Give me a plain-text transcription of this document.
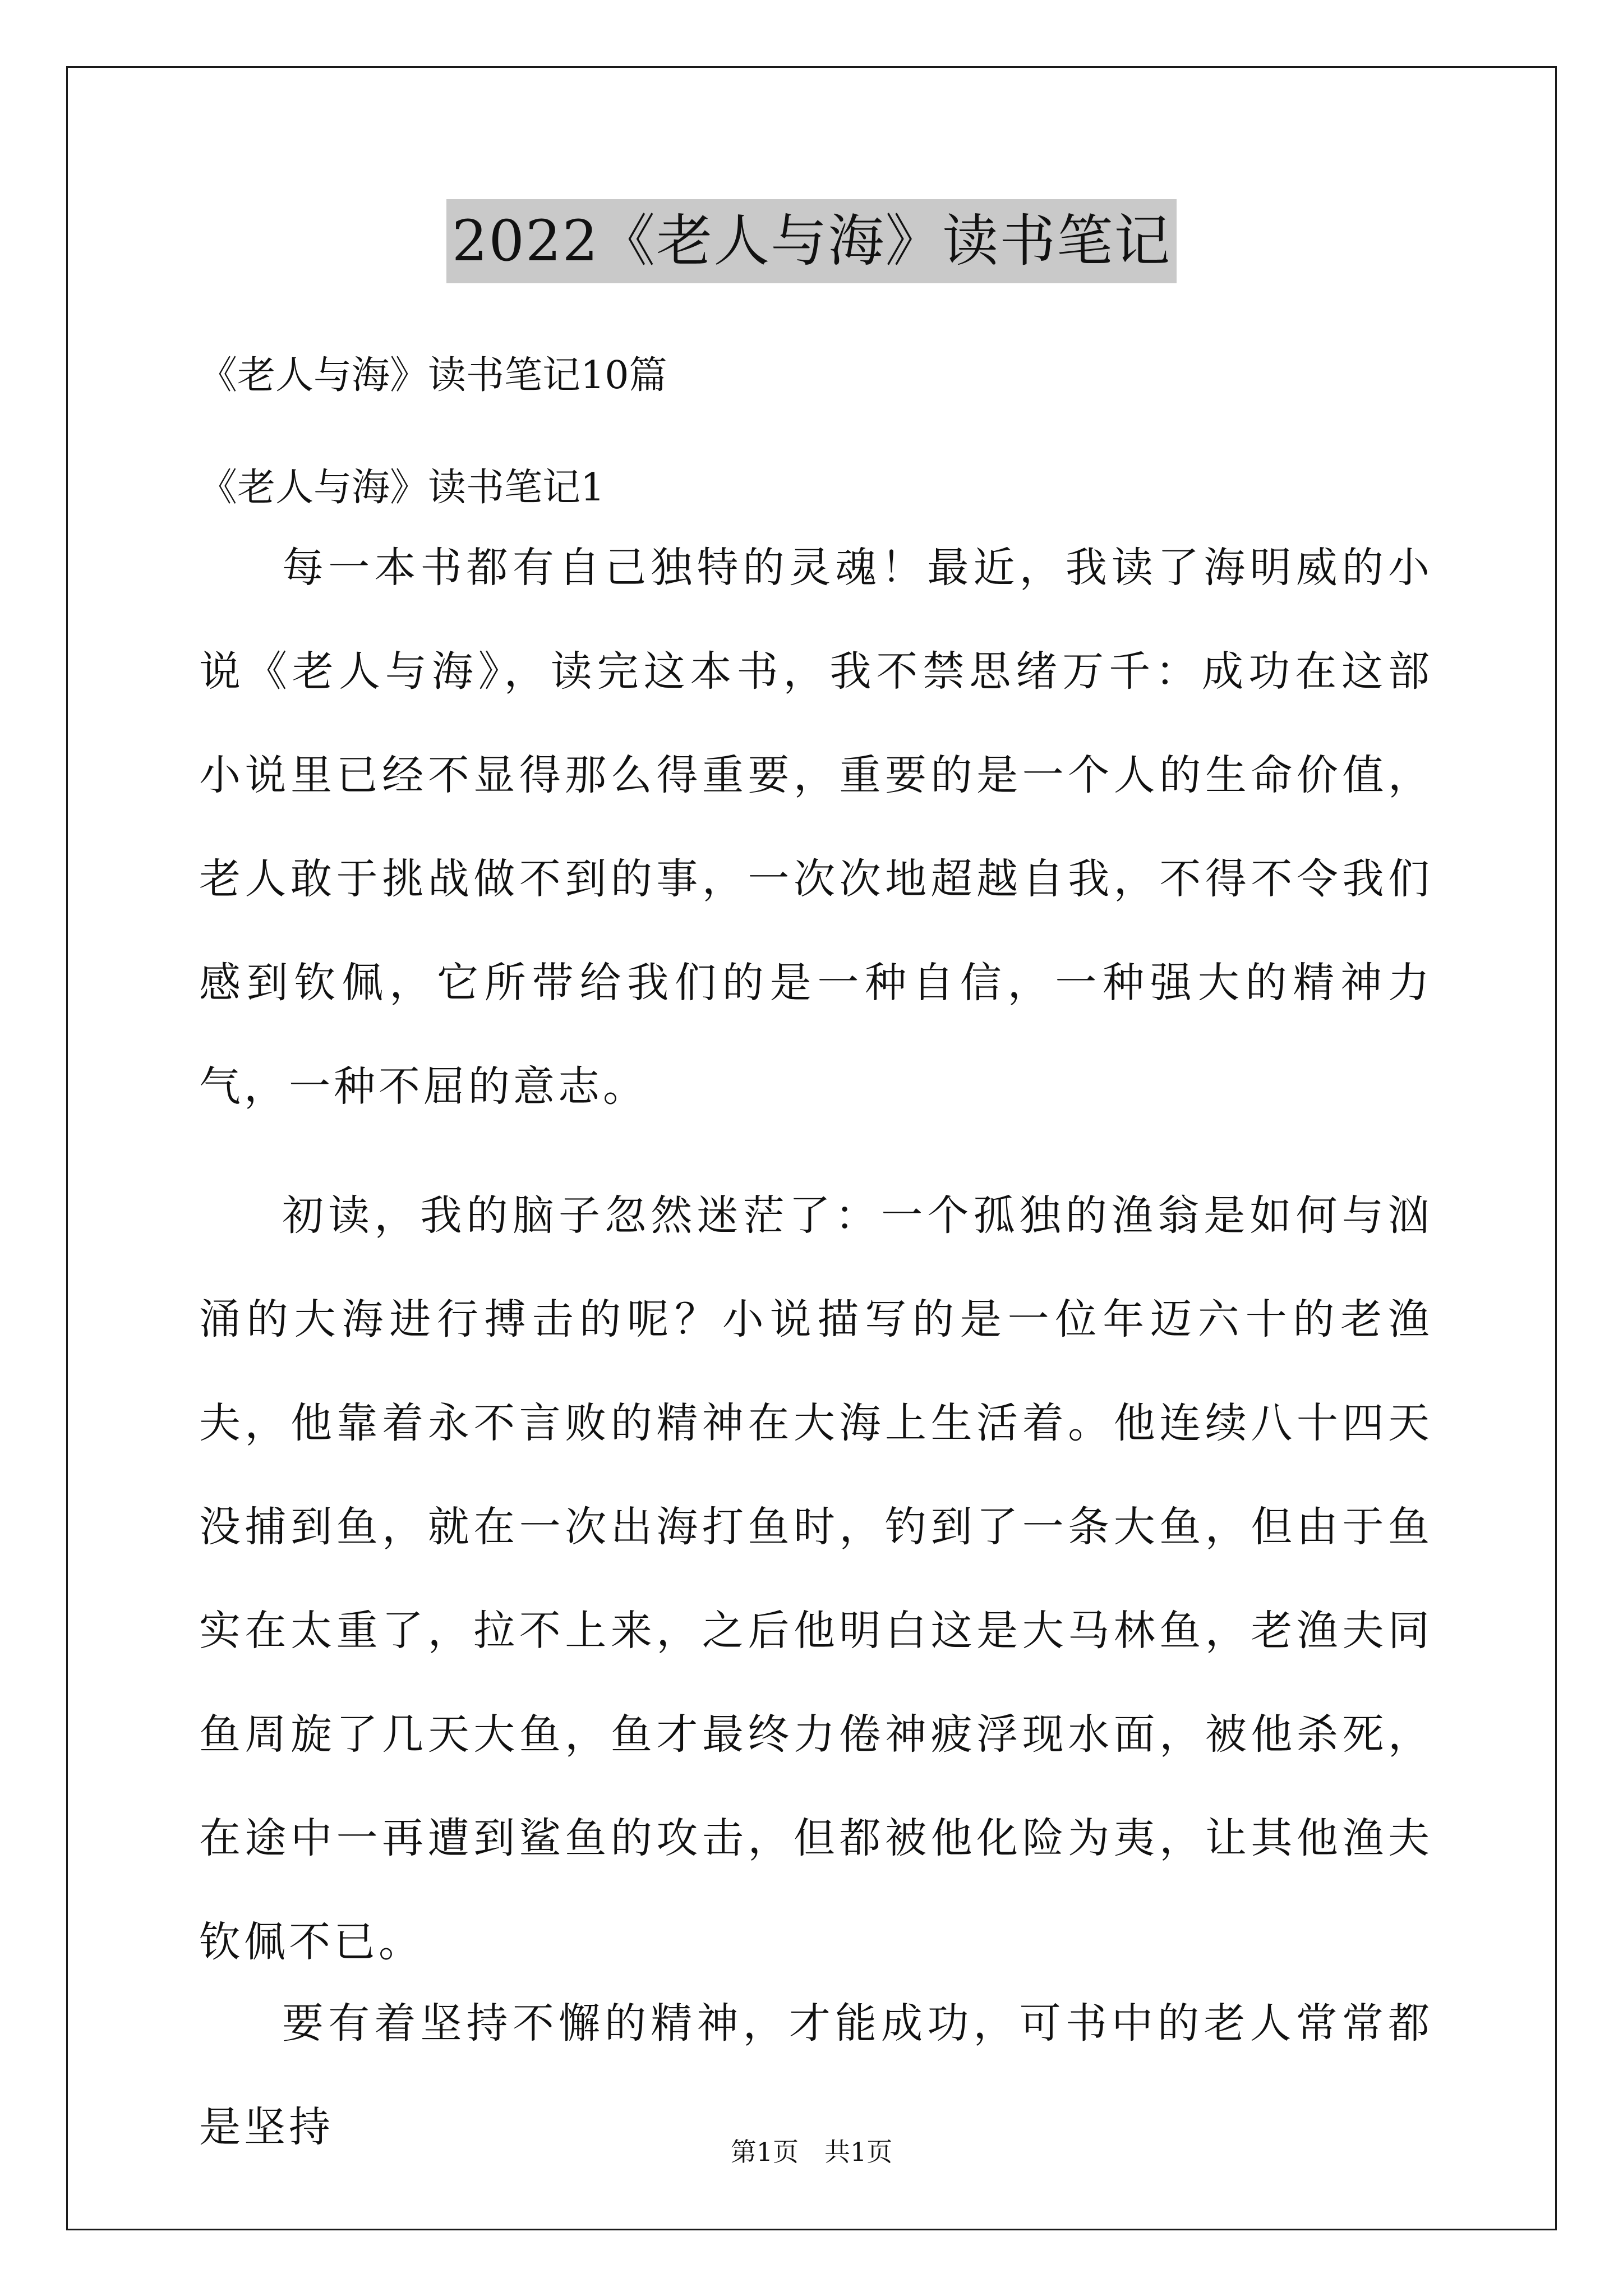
2022《老人与海》读书笔记
《老人与海》读书笔记10篇
《老人与海》读书笔记1

每一本书都有自己独特的灵魂！最近，我读了海明威的小说《老人与海》，读完这本书，我不禁思绪万千：成功在这部小说里已经不显得那么得重要，重要的是一个人的生命价值，老人敢于挑战做不到的事，一次次地超越自我，不得不令我们感到钦佩，它所带给我们的是一种自信，一种强大的精神力气，一种不屈的意志。

初读，我的脑子忽然迷茫了：一个孤独的渔翁是如何与汹涌的大海进行搏击的呢？小说描写的是一位年迈六十的老渔夫，他靠着永不言败的精神在大海上生活着。他连续八十四天没捕到鱼，就在一次出海打鱼时，钓到了一条大鱼，但由于鱼实在太重了，拉不上来，之后他明白这是大马林鱼，老渔夫同鱼周旋了几天大鱼，鱼才最终力倦神疲浮现水面，被他杀死，在途中一再遭到鲨鱼的攻击，但都被他化险为夷，让其他渔夫钦佩不已。

要有着坚持不懈的精神，才能成功，可书中的老人常常都是坚持

第1页　共1页
